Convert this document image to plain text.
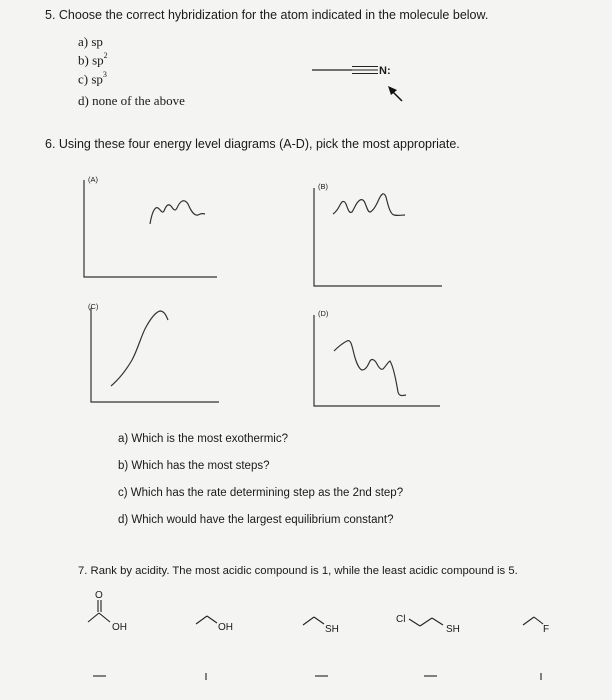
5. Choose the correct hybridization for the atom indicated in the molecule below.
a) sp
b) $sp^2$
c) $sp^3$
d) none of the above
N:
6. Using these four energy level diagrams (A-D), pick the most appropriate.
(A)
(B)
(C)
(D)
a) Which is the most exothermic?
b) Which has the most steps?
c) Which has the rate determining step as the 2nd step?
d) Which would have the largest equilibrium constant?
7. Rank by acidity. The most acidic compound is 1, while the least acidic compound is 5.
O
OH	OH	SH
Cl
SH	F
